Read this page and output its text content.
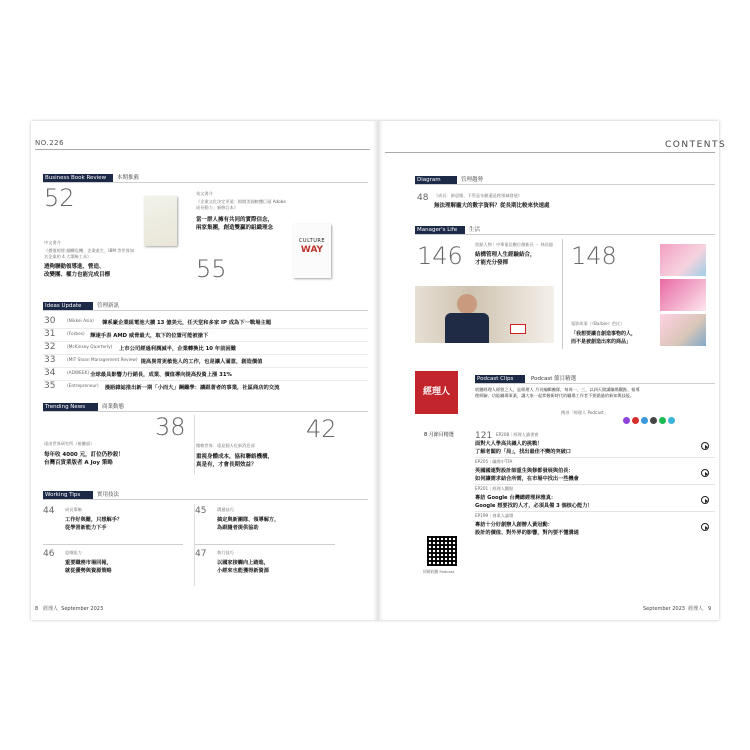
NO.226
Business Book Review	本期推薦
52
中文書介
《價值經營:翻轉危機、企業重生、IBM 等世界知名企業的 4 大策略工具》
透夠聯動領導進、營造、
改變團、權力也能完成目標
英文書介
《企業文化決定更遠：揭開美國軟體巨頭 Adobe
成長動力」新修訂本》
當一群人擁有共同的實際信念，
兩家集團，創造雙贏的組織理念
55
CULTURE
WAY
Ideas Update	管理新訊
Trending News	商業動態
38
遠由世界研究所（視聽部）
每年收 4000 元，訂位仍秒殺！
台灣百貨業版者 A Joy 策略
42
微軟世界：遠見個人化新消息部
重視身體成本，協和聯絡機構，
真是有，才會長期效益？
Working Tips	實用技法
8 經理人 September 2023
CONTENTS
Diagram	管理趨勢
48 《成長：新思維、不管是年齡還是跨領域發展》
無法理解龐大的數字資料？從長期比較來快速處
Manager's Life	生活
146	焦點人物｜中華電信數位創新長 ・ 林昌億
結構管理人生經驗結合，
才能充分發揮	148
電影故事（《Barbie》芭比）
「我想要讓自創造事物的人，
而不是被創造出來的商品」
經理人
Podcast Clips	Podcast 節目精選
收聽經理人經營之人，是經理人 月刊編輯團隊，每周一、三，以四天開講職場觀點、報導
理經驗、功能職場事業，讓大家一起掌握新時代的職場工作者不要錯過的新知與技能。
搜尋「經理人 Podcast」
8 月節目精選
掃碼收聽 Podcast
September 2023 經理人 9
30	(Nikkei Asia) 韓系廠企業組電池大擴 13 億美元，任天堂和多家 IP 成為下一戰場主題
31	(Forbes) 輝達手表 AMD 威脅最大，取下的位置可能被搶下
32	(McKinsey Quarterly) 上市公司經過利潤減半，企業轉換比 10 年前困難
33	(MIT Sloan Management Review) 提高異常更敏他人的工作，也是讓人滿意，創造價值
34	(ADWEEK) 全球最具影響力行銷長，成業、價值導向提高投資上漲 31%
35	(Entrepreneur) 漫語雜誌推出新一期「小而大」鋼鐵學：讓跟著者的事業，社區商店的交流
44	成長策略
工作好與難，只想解手？
從學習新能力下手
45	溝通技巧
搞定與新團隊、領導解方，
為跟隨者提供協助
46	思維能力
重要職務市場回報，
就從優勢與資源策略
47	執行技巧
以國家接觸向上踏進，
小經來也能獲得新資源
121 EP208｜經理人讀書會
面對大人學高共識人的挑戰！
了解老闆的「局」，找出最佳不變的突破口
EP205｜職場中TFA
英國國連對設計師重生與修都發展與伯長：
如何讓需求結合所需，在市場中找出一些機會
EP201｜經理人觀點
專訪 Google 台灣總經理林雅真：
Google 想要找的人才，必須具備 3 個核心能力！
EP199｜商業人論壇
專訪十分好創辦人創辦人黃冠勳：
設計的價值、對外界的影響，對內要不懂溝通
